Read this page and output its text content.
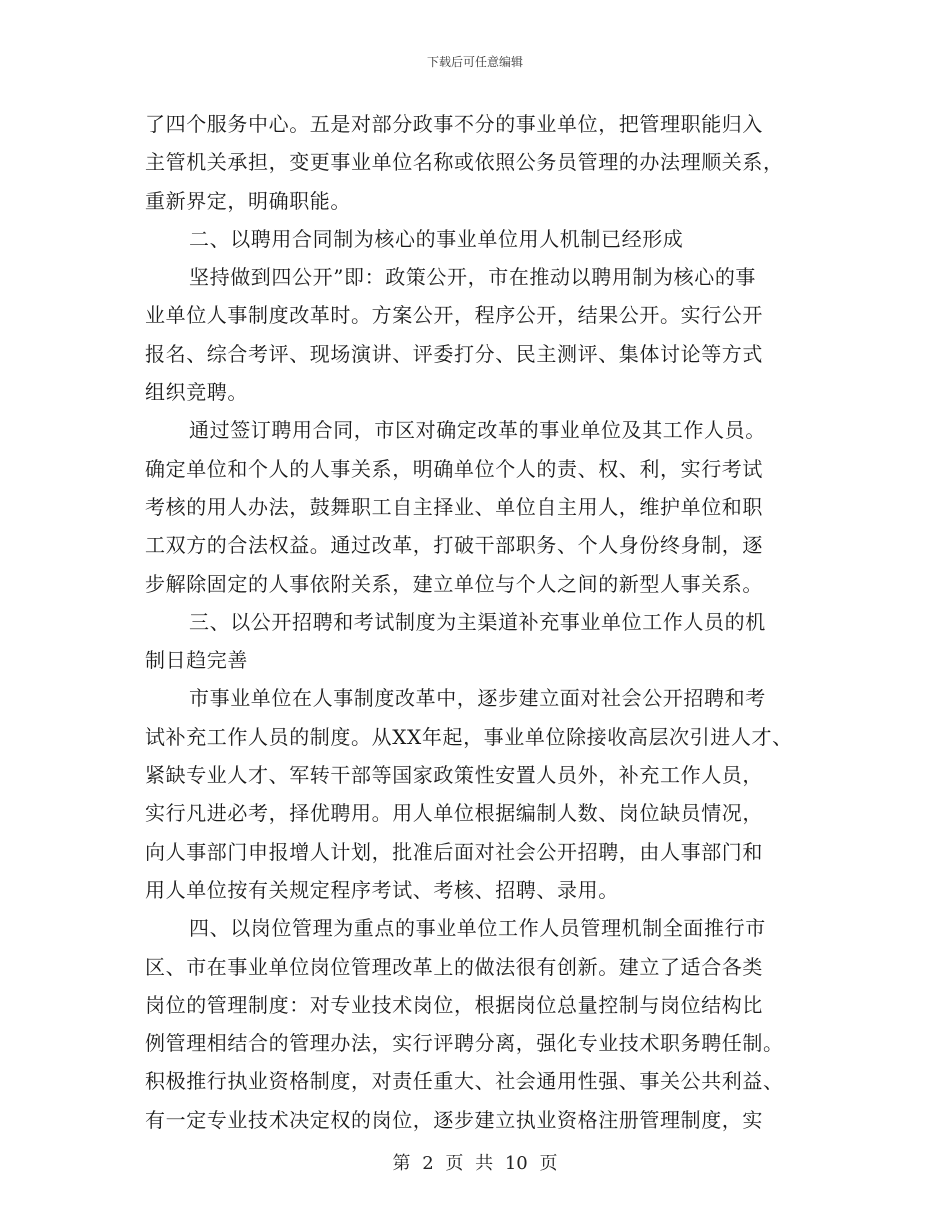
下载后可任意编辑
了四个服务中心。五是对部分政事不分的事业单位，把管理职能归入
主管机关承担，变更事业单位名称或依照公务员管理的办法理顺关系，
重新界定，明确职能。
二、以聘用合同制为核心的事业单位用人机制已经形成
坚持做到四公开”即：政策公开，市在推动以聘用制为核心的事
业单位人事制度改革时。方案公开，程序公开，结果公开。实行公开
报名、综合考评、现场演讲、评委打分、民主测评、集体讨论等方式
组织竞聘。
通过签订聘用合同，市区对确定改革的事业单位及其工作人员。
确定单位和个人的人事关系，明确单位个人的责、权、利，实行考试
考核的用人办法，鼓舞职工自主择业、单位自主用人，维护单位和职
工双方的合法权益。通过改革，打破干部职务、个人身份终身制，逐
步解除固定的人事依附关系，建立单位与个人之间的新型人事关系。
三、以公开招聘和考试制度为主渠道补充事业单位工作人员的机
制日趋完善
市事业单位在人事制度改革中，逐步建立面对社会公开招聘和考
试补充工作人员的制度。从XX年起，事业单位除接收高层次引进人才、
紧缺专业人才、军转干部等国家政策性安置人员外，补充工作人员，
实行凡进必考，择优聘用。用人单位根据编制人数、岗位缺员情况，
向人事部门申报增人计划，批准后面对社会公开招聘，由人事部门和
用人单位按有关规定程序考试、考核、招聘、录用。
四、以岗位管理为重点的事业单位工作人员管理机制全面推行市
区、市在事业单位岗位管理改革上的做法很有创新。建立了适合各类
岗位的管理制度：对专业技术岗位，根据岗位总量控制与岗位结构比
例管理相结合的管理办法，实行评聘分离，强化专业技术职务聘任制。
积极推行执业资格制度，对责任重大、社会通用性强、事关公共利益、
有一定专业技术决定权的岗位，逐步建立执业资格注册管理制度，实
第 2 页 共 10 页
